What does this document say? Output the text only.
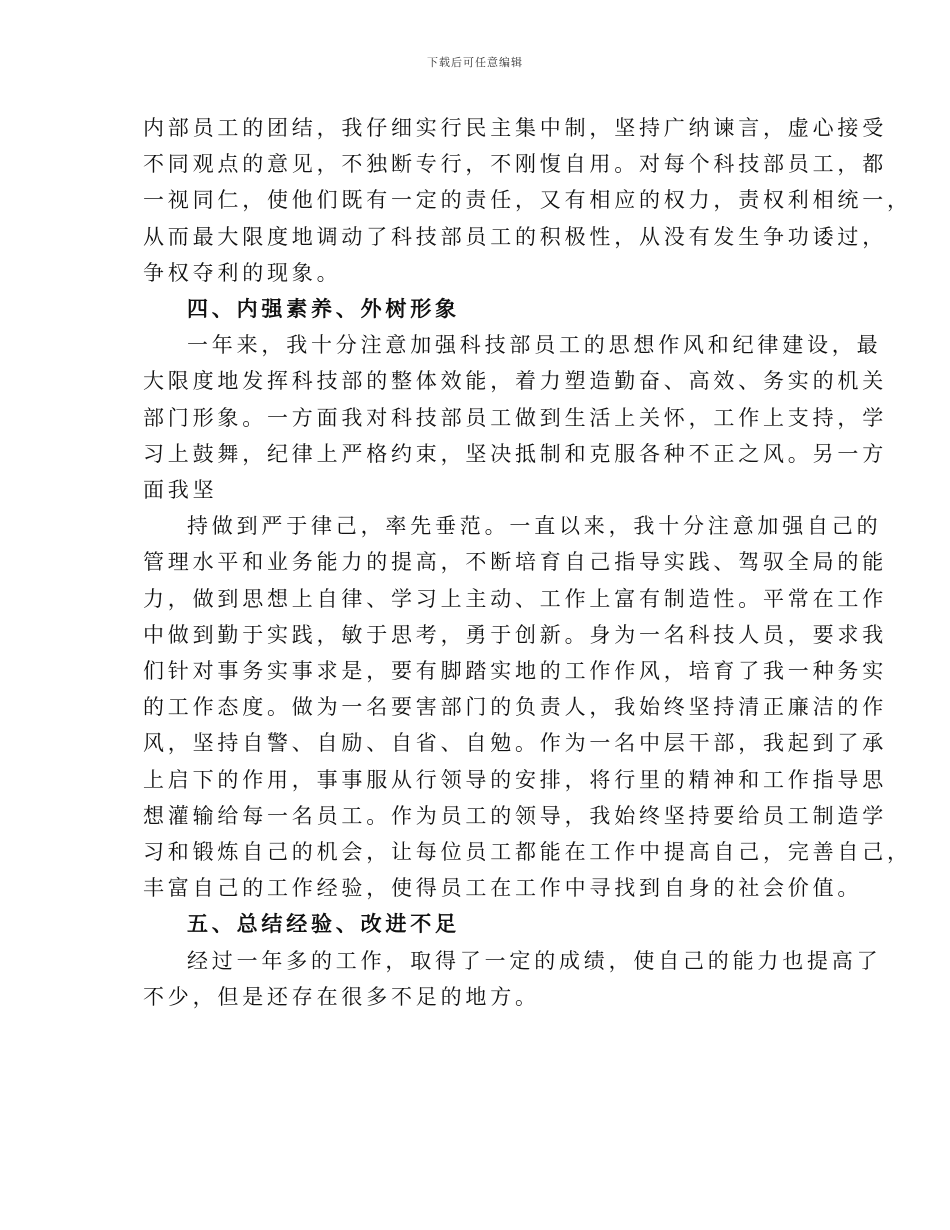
下载后可任意编辑

内部员工的团结，我仔细实行民主集中制，坚持广纳谏言，虚心接受
不同观点的意见，不独断专行，不刚愎自用。对每个科技部员工，都
一视同仁，使他们既有一定的责任，又有相应的权力，责权利相统一，
从而最大限度地调动了科技部员工的积极性，从没有发生争功诿过，
争权夺利的现象。

四、内强素养、外树形象

一年来，我十分注意加强科技部员工的思想作风和纪律建设，最
大限度地发挥科技部的整体效能，着力塑造勤奋、高效、务实的机关
部门形象。一方面我对科技部员工做到生活上关怀，工作上支持，学
习上鼓舞，纪律上严格约束，坚决抵制和克服各种不正之风。另一方
面我坚

持做到严于律己，率先垂范。一直以来，我十分注意加强自己的
管理水平和业务能力的提高，不断培育自己指导实践、驾驭全局的能
力，做到思想上自律、学习上主动、工作上富有制造性。平常在工作
中做到勤于实践，敏于思考，勇于创新。身为一名科技人员，要求我
们针对事务实事求是，要有脚踏实地的工作作风，培育了我一种务实
的工作态度。做为一名要害部门的负责人，我始终坚持清正廉洁的作
风，坚持自警、自励、自省、自勉。作为一名中层干部，我起到了承
上启下的作用，事事服从行领导的安排，将行里的精神和工作指导思
想灌输给每一名员工。作为员工的领导，我始终坚持要给员工制造学
习和锻炼自己的机会，让每位员工都能在工作中提高自己，完善自己，
丰富自己的工作经验，使得员工在工作中寻找到自身的社会价值。

五、总结经验、改进不足

经过一年多的工作，取得了一定的成绩，使自己的能力也提高了
不少，但是还存在很多不足的地方。
